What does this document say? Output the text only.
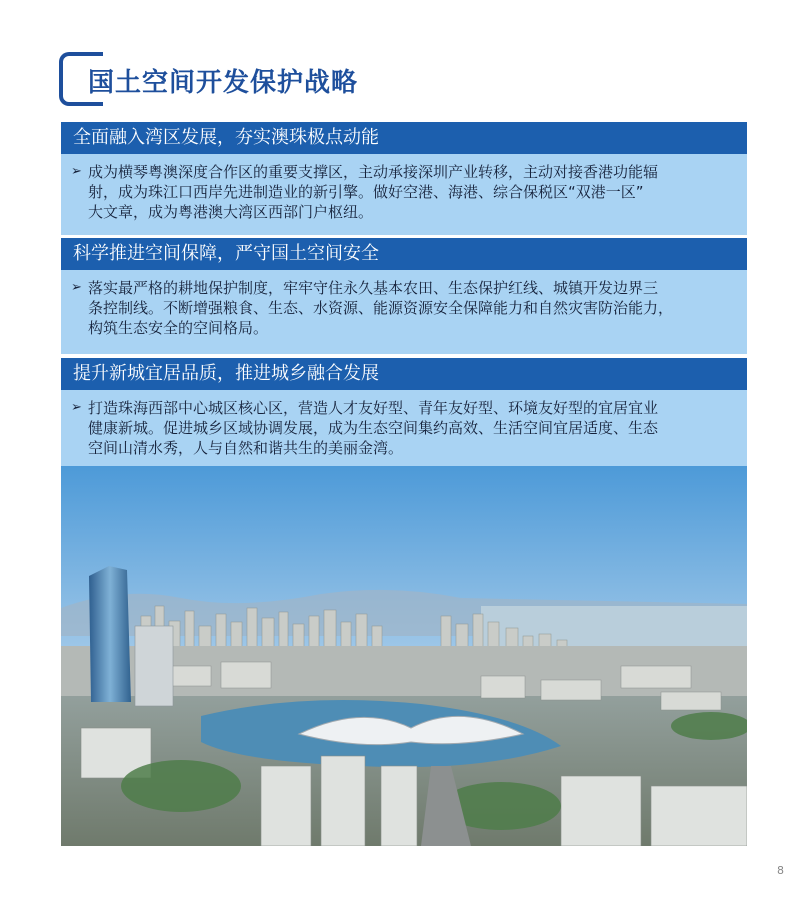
国土空间开发保护战略
全面融入湾区发展，夯实澳珠极点动能
➢ 成为横琴粤澳深度合作区的重要支撑区，主动承接深圳产业转移，主动对接香港功能辐
射，成为珠江口西岸先进制造业的新引擎。做好空港、海港、综合保税区“双港一区”
大文章，成为粤港澳大湾区西部门户枢纽。
科学推进空间保障，严守国土空间安全
➢ 落实最严格的耕地保护制度，牢牢守住永久基本农田、生态保护红线、城镇开发边界三
条控制线。不断增强粮食、生态、水资源、能源资源安全保障能力和自然灾害防治能力，
构筑生态安全的空间格局。
提升新城宜居品质，推进城乡融合发展
➢ 打造珠海西部中心城区核心区，营造人才友好型、青年友好型、环境友好型的宜居宜业
健康新城。促进城乡区域协调发展，成为生态空间集约高效、生活空间宜居适度、生态
空间山清水秀，人与自然和谐共生的美丽金湾。
8
